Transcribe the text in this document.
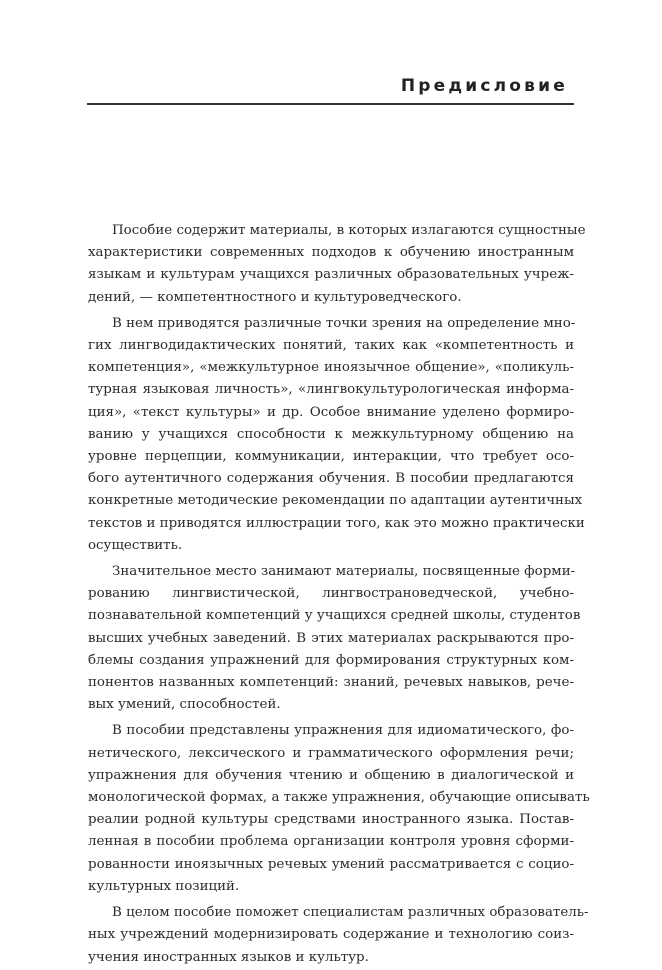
Предисловие

Пособие содержит материалы, в которых излагаются сущностные
характеристики современных подходов к обучению иностранным
языкам и культурам учащихся различных образовательных учреж-
дений, — компетентностного и культуроведческого.

В нем приводятся различные точки зрения на определение мно-
гих лингводидактических понятий, таких как «компетентность и
компетенция», «межкультурное иноязычное общение», «поликуль-
турная языковая личность», «лингвокультурологическая информа-
ция», «текст культуры» и др. Особое внимание уделено формиро-
ванию у учащихся способности к межкультурному общению на
уровне перцепции, коммуникации, интеракции, что требует осо-
бого аутентичного содержания обучения. В пособии предлагаются
конкретные методические рекомендации по адаптации аутентичных
текстов и приводятся иллюстрации того, как это можно практически
осуществить.

Значительное место занимают материалы, посвященные форми-
рованию лингвистической, лингвострановедческой, учебно-
познавательной компетенций у учащихся средней школы, студентов
высших учебных заведений. В этих материалах раскрываются про-
блемы создания упражнений для формирования структурных ком-
понентов названных компетенций: знаний, речевых навыков, рече-
вых умений, способностей.

В пособии представлены упражнения для идиоматического, фо-
нетического, лексического и грамматического оформления речи;
упражнения для обучения чтению и общению в диалогической и
монологической формах, а также упражнения, обучающие описывать
реалии родной культуры средствами иностранного языка. Постав-
ленная в пособии проблема организации контроля уровня сформи-
рованности иноязычных речевых умений рассматривается с социо-
культурных позиций.

В целом пособие поможет специалистам различных образователь-
ных учреждений модернизировать содержание и технологию соиз-
учения иностранных языков и культур.
